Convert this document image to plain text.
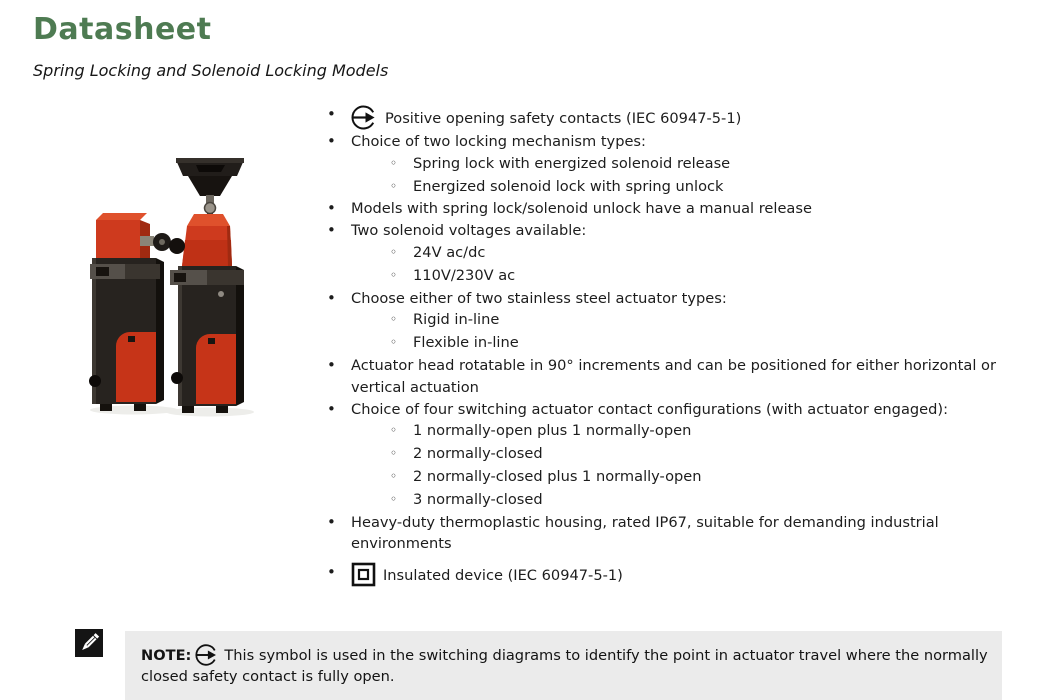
Datasheet
Spring Locking and Solenoid Locking Models
•
Positive opening safety contacts (IEC 60947-5-1)
•
Choice of two locking mechanism types:
◦
Spring lock with energized solenoid release
◦
Energized solenoid lock with spring unlock
•
Models with spring lock/solenoid unlock have a manual release
•
Two solenoid voltages available:
◦
24V ac/dc
◦
110V/230V ac
•
Choose either of two stainless steel actuator types:
◦
Rigid in-line
◦
Flexible in-line
•
Actuator head rotatable in 90° increments and can be positioned for either horizontal or vertical actuation
•
Choice of four switching actuator contact configurations (with actuator engaged):
◦
1 normally-open plus 1 normally-open
◦
2 normally-closed
◦
2 normally-closed plus 1 normally-open
◦
3 normally-closed
•
Heavy-duty thermoplastic housing, rated IP67, suitable for demanding industrial environments
•
Insulated device (IEC 60947-5-1)
NOTE: This symbol is used in the switching diagrams to identify the point in actuator travel where the normally closed safety contact is fully open.
